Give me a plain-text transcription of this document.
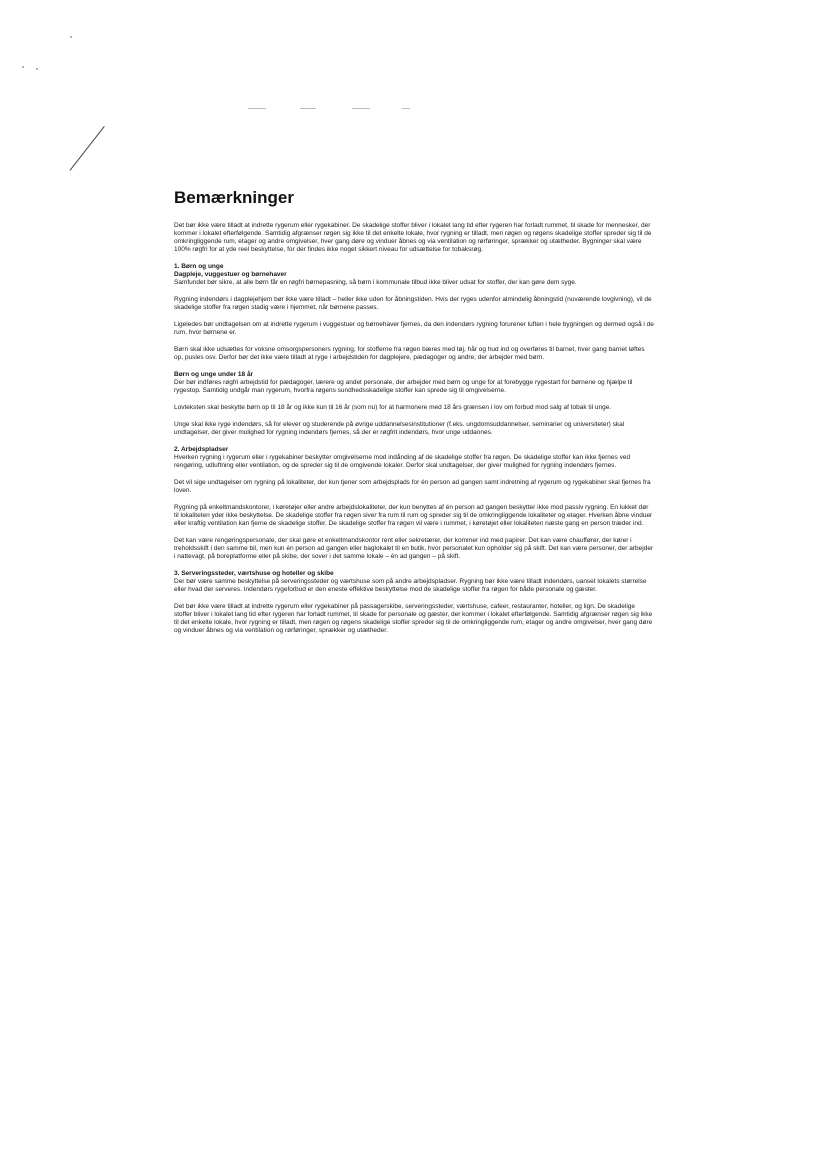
Bemærkninger

Det bør ikke være tilladt at indrette rygerum eller rygekabiner. De skadelige stoffer bliver i lokalet lang tid efter rygeren har forladt rummet, til skade for mennesker, der kommer i lokalet efterfølgende. Samtidig afgrænser røgen sig ikke til det enkelte lokale, hvor rygning er tilladt, men røgen og røgens skadelige stoffer spreder sig til de omkringliggende rum, etager og andre omgivelser, hver gang døre og vinduer åbnes og via ventilation og rørføringer, sprækker og utætheder. Bygninger skal være 100% røgfri for at yde reel beskyttelse, for der findes ikke noget sikkert niveau for udsættelse for tobaksrøg.

1. Børn og unge
Dagpleje, vuggestuer og børnehaver

Samfundet bør sikre, at alle børn får en røgfri børnepasning, så børn i kommunale tilbud ikke bliver udsat for stoffer, der kan gøre dem syge.

Rygning indendørs i dagplejehjem bør ikke være tilladt – heller ikke uden for åbningstiden. Hvis der ryges udenfor almindelig åbningstid (nuværende lovgivning), vil de skadelige stoffer fra røgen stadig være i hjemmet, når børnene passes.

Ligeledes bør undtagelsen om at indrette rygerum i vuggestuer og børnehaver fjernes, da den indendørs rygning forurener luften i hele bygningen og dermed også i de rum, hvor børnene er.

Børn skal ikke udsættes for voksne omsorgspersoners rygning, for stofferne fra røgen bæres med tøj, hår og hud ind og overføres til barnet, hver gang barnet løftes op, pusles osv. Derfor bør det ikke være tilladt at ryge i arbejdstiden for dagplejere, pædagoger og andre, der arbejder med børn.

Børn og unge under 18 år

Der bør indføres røgfri arbejdstid for pædagoger, lærere og andet personale, der arbejder med børn og unge for at forebygge rygestart for børnene og hjælpe til rygestop. Samtidig undgår man rygerum, hvorfra røgens sundhedsskadelige stoffer kan sprede sig til omgivelserne.

Lovteksten skal beskytte børn op til 18 år og ikke kun til 16 år (som nu) for at harmonere med 18 års grænsen i lov om forbud mod salg af tobak til unge.

Unge skal ikke ryge indendørs, så for elever og studerende på øvrige uddannelsesinstitutioner (f.eks. ungdomsuddannelser, seminarier og universiteter) skal undtagelser, der giver mulighed for rygning indendørs fjernes, så der er røgfrit indendørs, hvor unge uddannes.

2. Arbejdspladser

Hverken rygning i rygerum eller i rygekabiner beskytter omgivelserne mod indånding af de skadelige stoffer fra røgen. De skadelige stoffer kan ikke fjernes ved rengøring, udluftning eller ventilation, og de spreder sig til de omgivende lokaler. Derfor skal undtagelser, der giver mulighed for rygning indendørs fjernes.

Det vil sige undtagelser om rygning på lokaliteter, der kun tjener som arbejdsplads for én person ad gangen samt indretning af rygerum og rygekabiner skal fjernes fra loven.

Rygning på enkeltmandskontorer, i køretøjer eller andre arbejdslokaliteter, der kun benyttes af én person ad gangen beskytter ikke mod passiv rygning. En lukket dør til lokaliteten yder ikke beskyttelse. De skadelige stoffer fra røgen siver fra rum til rum og spreder sig til de omkringliggende lokaliteter og etager. Hverken åbne vinduer eller kraftig ventilation kan fjerne de skadelige stoffer. De skadelige stoffer fra røgen vil være i rummet, i køretøjet eller lokaliteten næste gang en person træder ind.

Det kan være rengøringspersonale, der skal gøre et enkeltmandskontor rent eller sekretærer, der kommer ind med papirer. Det kan være chauffører, der kører i treholdsskift i den samme bil, men kun én person ad gangen eller baglokalet til en butik, hvor personalet kun opholder sig på skift. Det kan være personer, der arbejder i nattevagt, på boreplatforme eller på skibe, der sover i det samme lokale – én ad gangen – på skift.

3. Serveringssteder, værtshuse og hoteller og skibe

Der bør være samme beskyttelse på serveringssteder og værtshuse som på andre arbejdspladser. Rygning bør ikke være tilladt indendørs, uanset lokalets størrelse eller hvad der serveres. Indendørs rygeforbud er den eneste effektive beskyttelse mod de skadelige stoffer fra røgen for både personale og gæster.

Det bør ikke være tilladt at indrette rygerum eller rygekabiner på passagerskibe, serveringssteder, værtshuse, cafeer, restauranter, hoteller, og lign. De skadelige stoffer bliver i lokalet lang tid efter rygeren har forladt rummet, til skade for personale og gæster, der kommer i lokalet efterfølgende. Samtidig afgrænser røgen sig ikke til det enkelte lokale, hvor rygning er tilladt, men røgen og røgens skadelige stoffer spreder sig til de omkringliggende rum, etager og andre omgivelser, hver gang døre og vinduer åbnes og via ventilation og rørføringer, sprækker og utætheder.
